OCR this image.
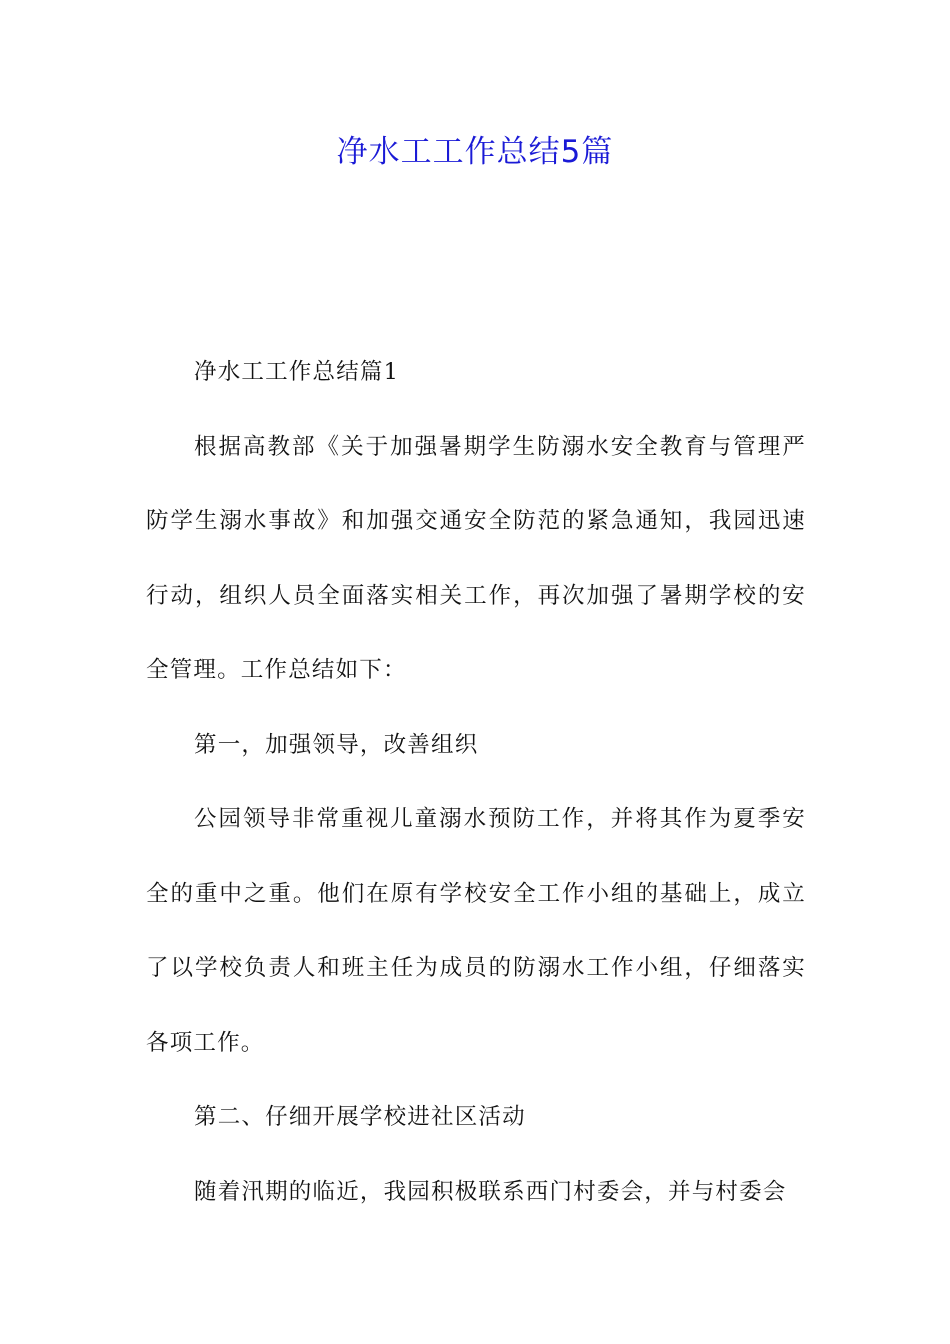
净水工工作总结5篇

净水工工作总结篇1

根据高教部《关于加强暑期学生防溺水安全教育与管理严防学生溺水事故》和加强交通安全防范的紧急通知，我园迅速行动，组织人员全面落实相关工作，再次加强了暑期学校的安全管理。工作总结如下：

第一，加强领导，改善组织

公园领导非常重视儿童溺水预防工作，并将其作为夏季安全的重中之重。他们在原有学校安全工作小组的基础上，成立了以学校负责人和班主任为成员的防溺水工作小组，仔细落实各项工作。

第二、仔细开展学校进社区活动

随着汛期的临近，我园积极联系西门村委会，并与村委会
